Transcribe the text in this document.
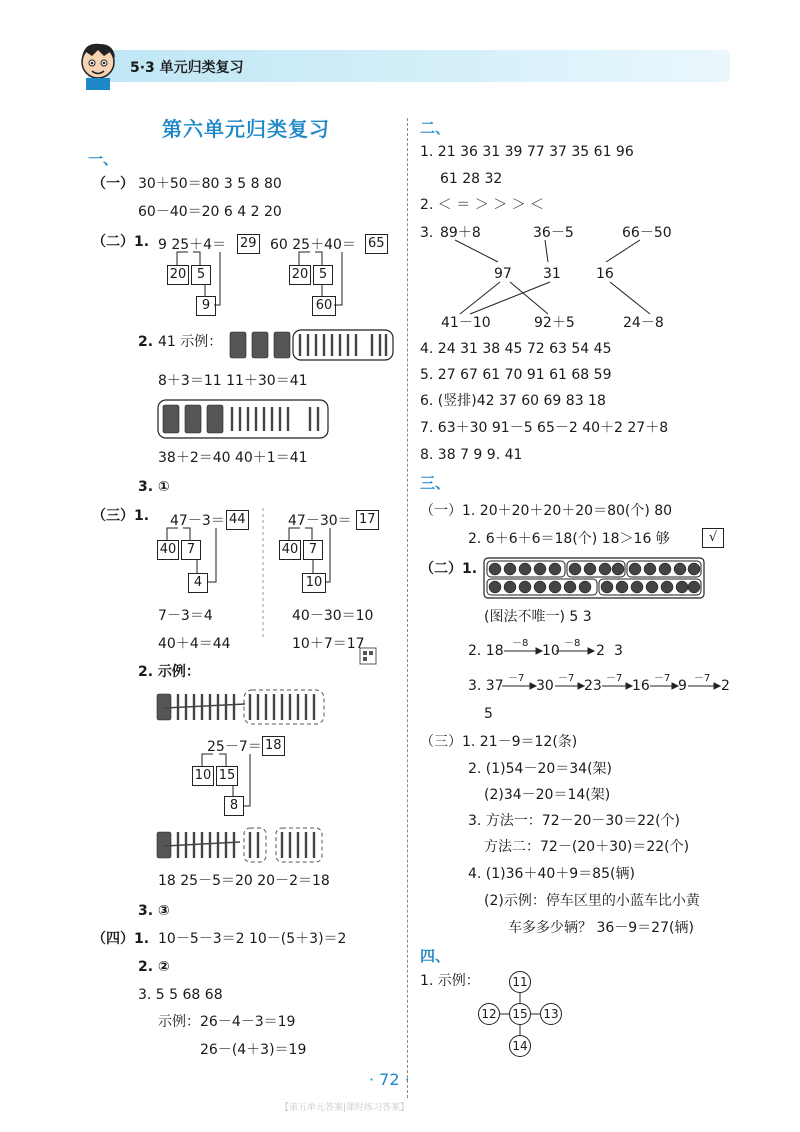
5·3 单元归类复习
第六单元归类复习
一、
（一） 30＋50＝80 3 5 8 80
60－40＝20 6 4 2 20
（二）1. 9 25＋4＝ 29
20 5
9
60 25＋40＝ 65
20 5
60
2. 41 示例：
8＋3＝11 11＋30＝41
38＋2＝40 40＋1＝41
3. ①
（三）1. 47－3＝ 44
40 7
4
7－3＝4
40＋4＝44
47－30＝ 17
40 7
10
40－30＝10
10＋7＝17
2. 示例：
25－7＝ 18
10 15
8
18 25－5＝20 20－2＝18
3. ③
（四）1. 10－5－3＝2 10－(5＋3)＝2
2. ②
3. 5 5 68 68
示例：26－4－3＝19
26－(4＋3)＝19
二、
1. 21 36 31 39 77 37 35 61 96
61 28 32
2. ＜ ＝ ＞ ＞ ＞ ＜
3. 89＋8	36－5	66－50
97 31	16
41－10	92＋5	24－8
4. 24 31 38 45 72 63 54 45
5. 27 67 61 70 91 61 68 59
6. (竖排)42 37 60 69 83 18
7. 63＋30 91－5 65－2 40＋2 27＋8
8. 38 7 9 9. 41
三、
（一）1. 20＋20＋20＋20＝80(个) 80
2. 6＋6＋6＝18(个) 18＞16 够	√
（二）1.
(图法不唯一) 5 3
2. 18 －8 10 －8 2 3
3. 37 －7 30 －7 23 －7 16 －7 9 －7 2
5
（三）1. 21－9＝12(条)
2. (1)54－20＝34(架)
(2)34－20＝14(架)
3. 方法一：72－20－30＝22(个)
方法二：72－(20＋30)＝22(个)
4. (1)36＋40＋9＝85(辆)
(2)示例：停车区里的小蓝车比小黄
车多多少辆？ 36－9＝27(辆)
四、
1. 示例：	11
12 15 13
14
· 72 ·
【第五单元答案|课时练习答案】
